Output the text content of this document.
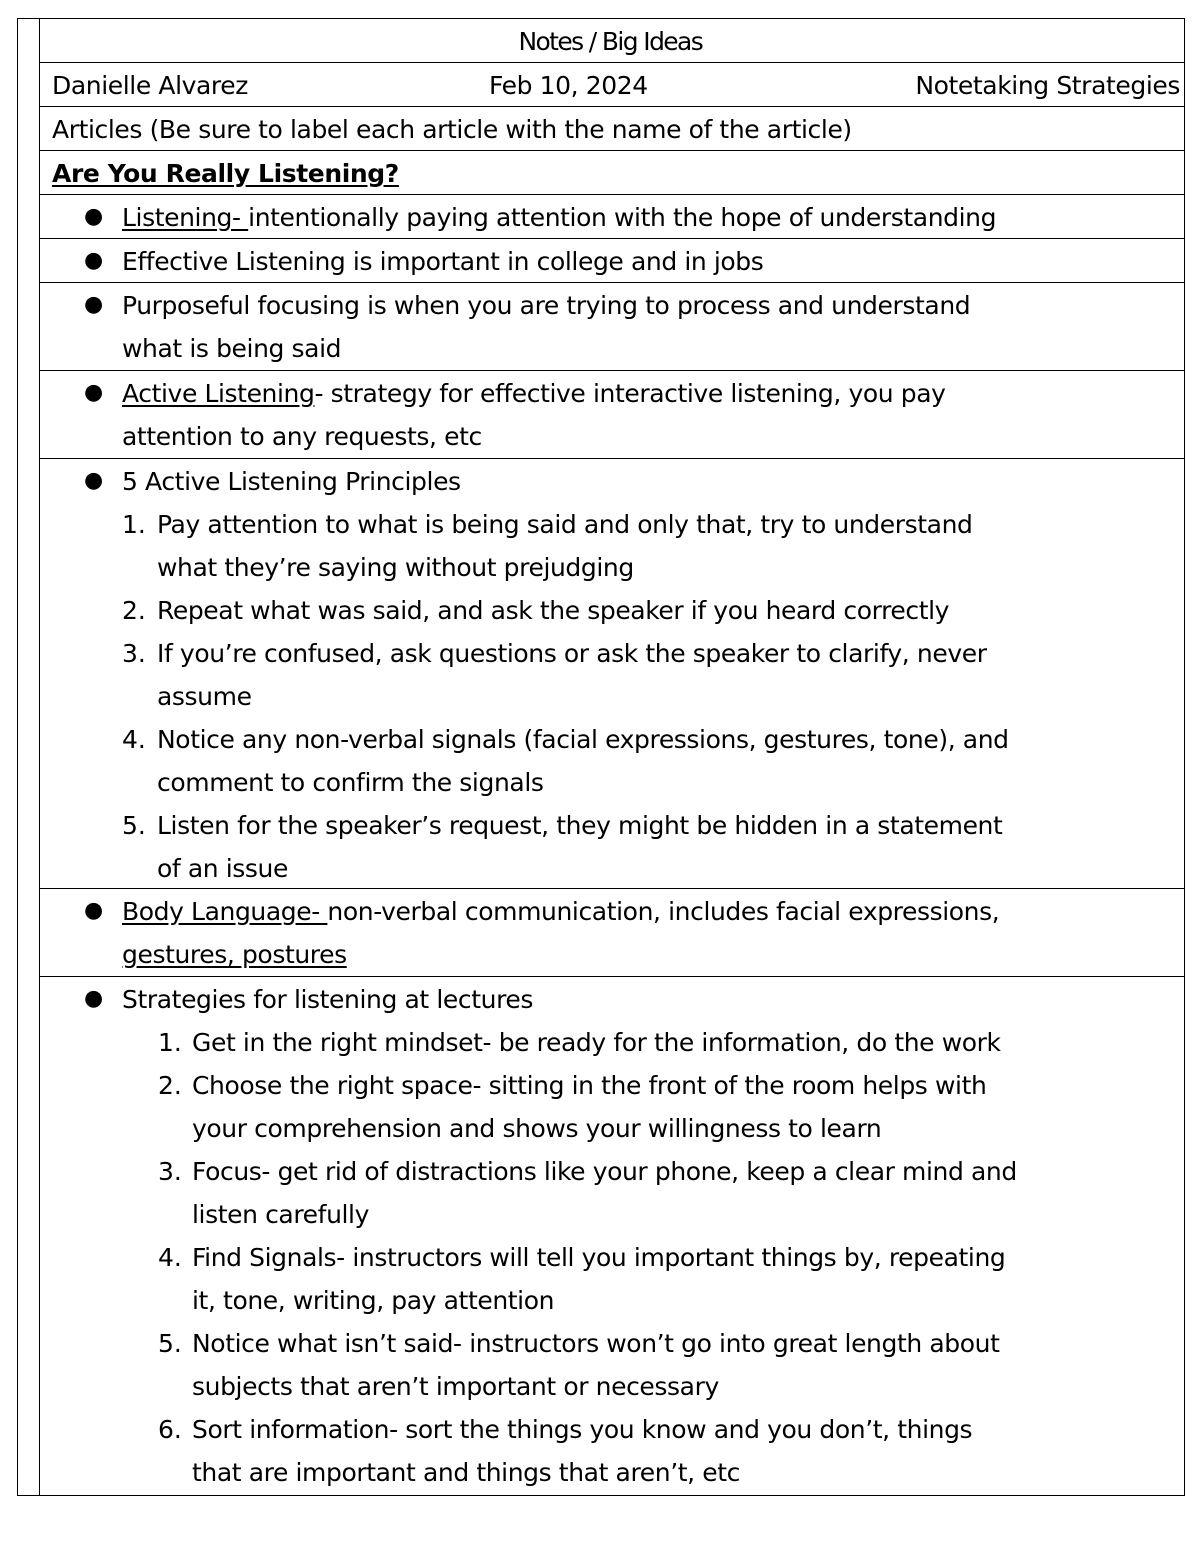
Notes / Big Ideas
Danielle Alvarez	Feb 10, 2024	Notetaking Strategies
Articles (Be sure to label each article with the name of the article)
Are You Really Listening?
● Listening- intentionally paying attention with the hope of understanding
● Effective Listening is important in college and in jobs
● Purposeful focusing is when you are trying to process and understand
what is being said
● Active Listening- strategy for effective interactive listening, you pay
attention to any requests, etc
● 5 Active Listening Principles
1. Pay attention to what is being said and only that, try to understand
what they’re saying without prejudging
2. Repeat what was said, and ask the speaker if you heard correctly
3. If you’re confused, ask questions or ask the speaker to clarify, never
assume
4. Notice any non-verbal signals (facial expressions, gestures, tone), and
comment to confirm the signals
5. Listen for the speaker’s request, they might be hidden in a statement
of an issue
● Body Language- non-verbal communication, includes facial expressions,
gestures, postures
● Strategies for listening at lectures
1. Get in the right mindset- be ready for the information, do the work
2. Choose the right space- sitting in the front of the room helps with
your comprehension and shows your willingness to learn
3. Focus- get rid of distractions like your phone, keep a clear mind and
listen carefully
4. Find Signals- instructors will tell you important things by, repeating
it, tone, writing, pay attention
5. Notice what isn’t said- instructors won’t go into great length about
subjects that aren’t important or necessary
6. Sort information- sort the things you know and you don’t, things
that are important and things that aren’t, etc
